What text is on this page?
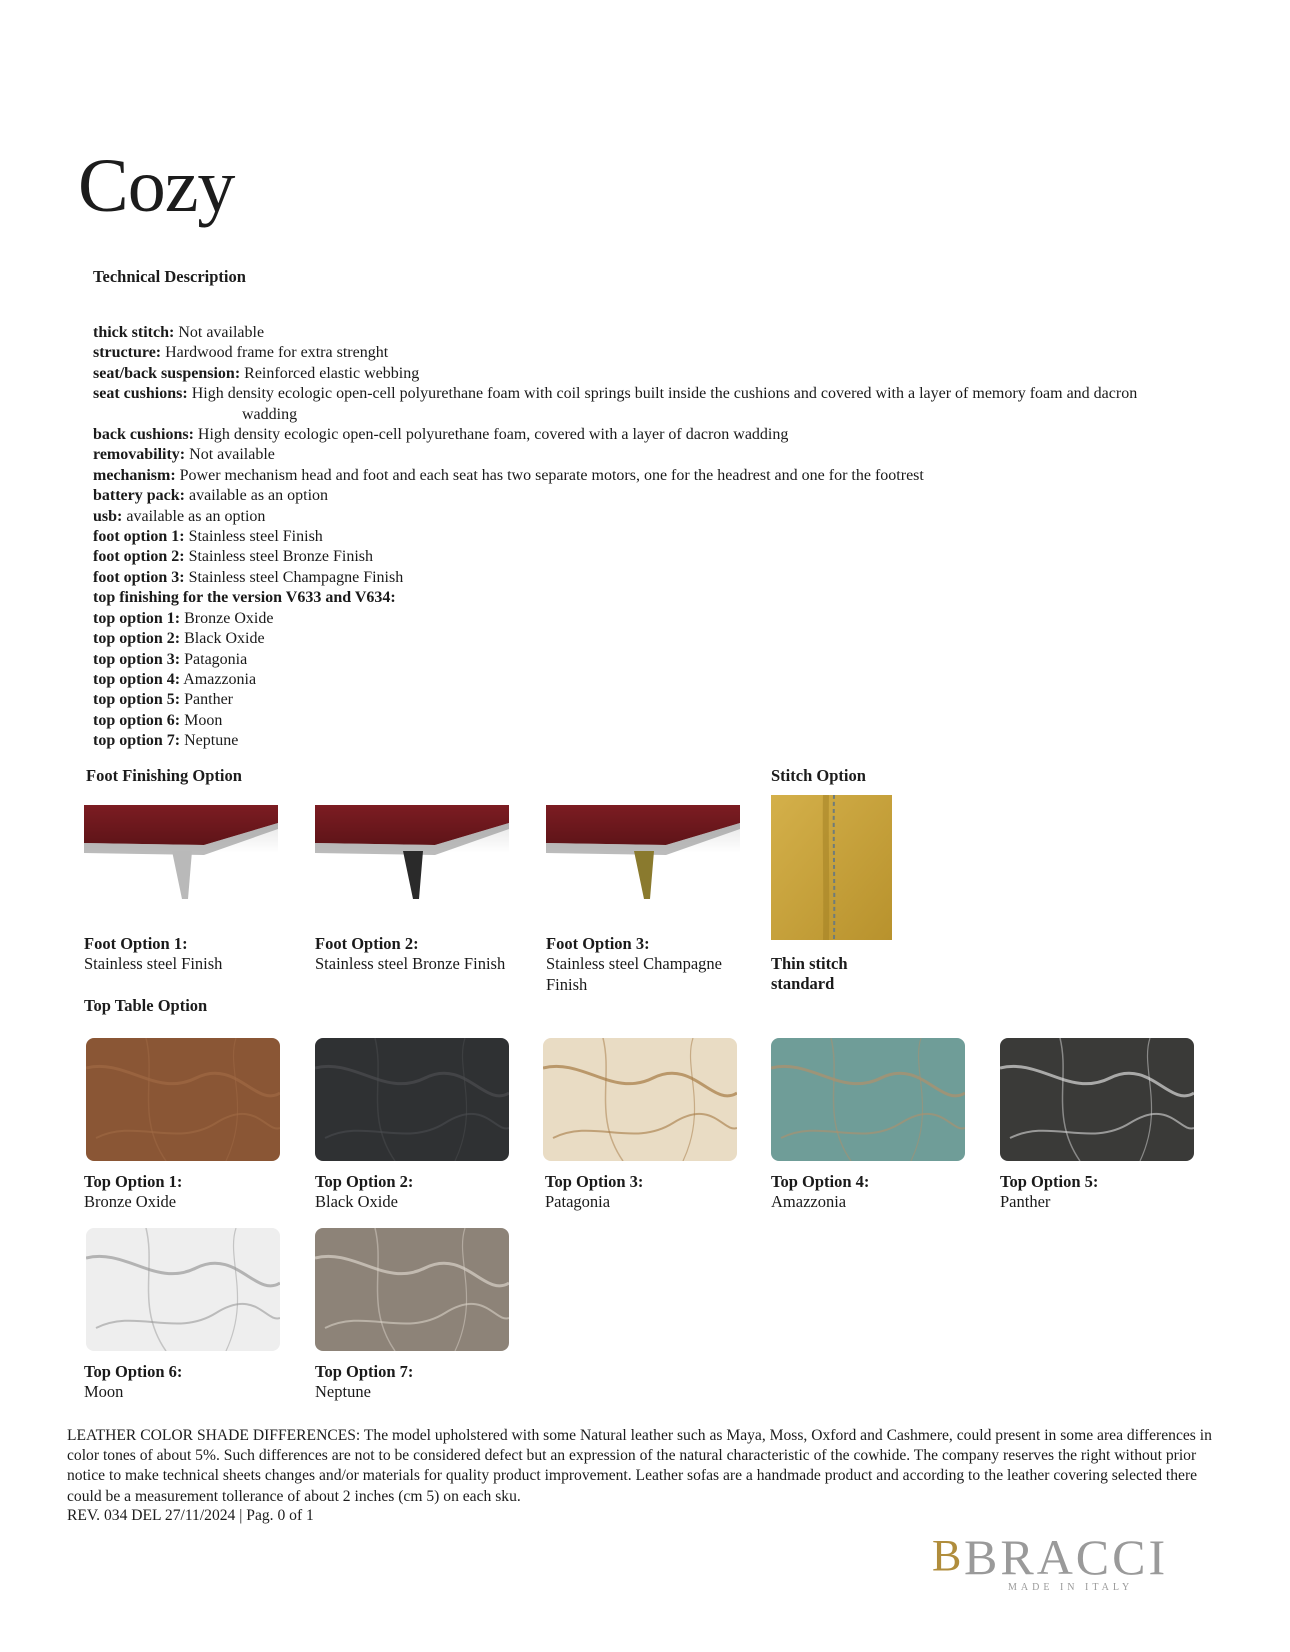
Cozy
Technical Description
thick stitch: Not available
structure: Hardwood frame for extra strenght
seat/back suspension: Reinforced elastic webbing
seat cushions: High density ecologic open-cell polyurethane foam with coil springs built inside the cushions and covered with a layer of memory foam and dacron
wadding
back cushions: High density ecologic open-cell polyurethane foam, covered with a layer of dacron wadding
removability: Not available
mechanism: Power mechanism head and foot and each seat has two separate motors, one for the headrest and one for the footrest
battery pack: available as an option
usb: available as an option
foot option 1: Stainless steel Finish
foot option 2: Stainless steel Bronze Finish
foot option 3: Stainless steel Champagne Finish
top finishing for the version V633 and V634:
top option 1: Bronze Oxide
top option 2: Black Oxide
top option 3: Patagonia
top option 4: Amazzonia
top option 5: Panther
top option 6: Moon
top option 7: Neptune
Foot Finishing Option	Stitch Option
Foot Option 1:
Stainless steel Finish
Foot Option 2:
Stainless steel Bronze Finish
Foot Option 3:
Stainless steel Champagne Finish
Thin stitch
standard
Top Table Option
Top Option 1:
Bronze Oxide
Top Option 2:
Black Oxide
Top Option 3:
Patagonia
Top Option 4:
Amazzonia
Top Option 5:
Panther
Top Option 6:
Moon
Top Option 7:
Neptune
LEATHER COLOR SHADE DIFFERENCES: The model upholstered with some Natural leather such as Maya, Moss, Oxford and Cashmere, could present in some area differences in color tones of about 5%. Such differences are not to be considered defect but an expression of the natural characteristic of the cowhide. The company reserves the right without prior notice to make technical sheets changes and/or materials for quality product improvement. Leather sofas are a handmade product and according to the leather covering selected there could be a measurement tollerance of about 2 inches (cm 5) on each sku.
REV. 034 DEL 27/11/2024 | Pag. 0 of 1
B BRACCI
MADE IN ITALY
